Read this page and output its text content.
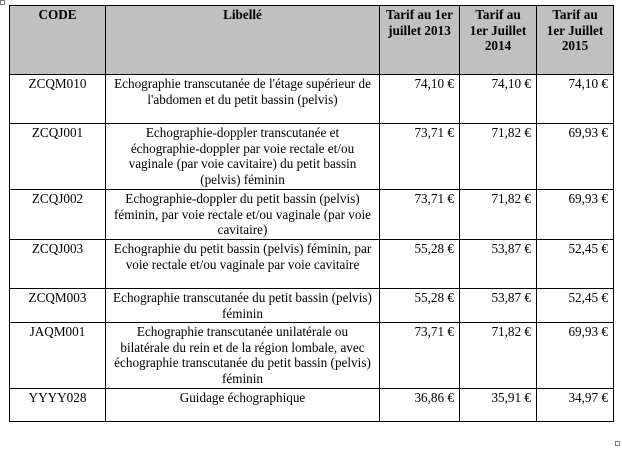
CODE	Libellé	Tarif au 1er juillet 2013	Tarif au 1er Juillet 2014	Tarif au 1er Juillet 2015
ZCQM010	Echographie transcutanée de l'étage supérieur de l'abdomen et du petit bassin (pelvis)	74,10 €	74,10 €	74,10 €
ZCQJ001	Echographie-doppler transcutanée et échographie-doppler par voie rectale et/ou vaginale (par voie cavitaire) du petit bassin (pelvis) féminin	73,71 €	71,82 €	69,93 €
ZCQJ002	Echographie-doppler du petit bassin (pelvis) féminin, par voie rectale et/ou vaginale (par voie cavitaire)	73,71 €	71,82 €	69,93 €
ZCQJ003	Echographie du petit bassin (pelvis) féminin, par voie rectale et/ou vaginale par voie cavitaire	55,28 €	53,87 €	52,45 €
ZCQM003	Echographie transcutanée du petit bassin (pelvis) féminin	55,28 €	53,87 €	52,45 €
JAQM001	Echographie transcutanée unilatérale ou bilatérale du rein et de la région lombale, avec échographie transcutanée du petit bassin (pelvis) féminin	73,71 €	71,82 €	69,93 €
YYYY028	Guidage échographique	36,86 €	35,91 €	34,97 €
